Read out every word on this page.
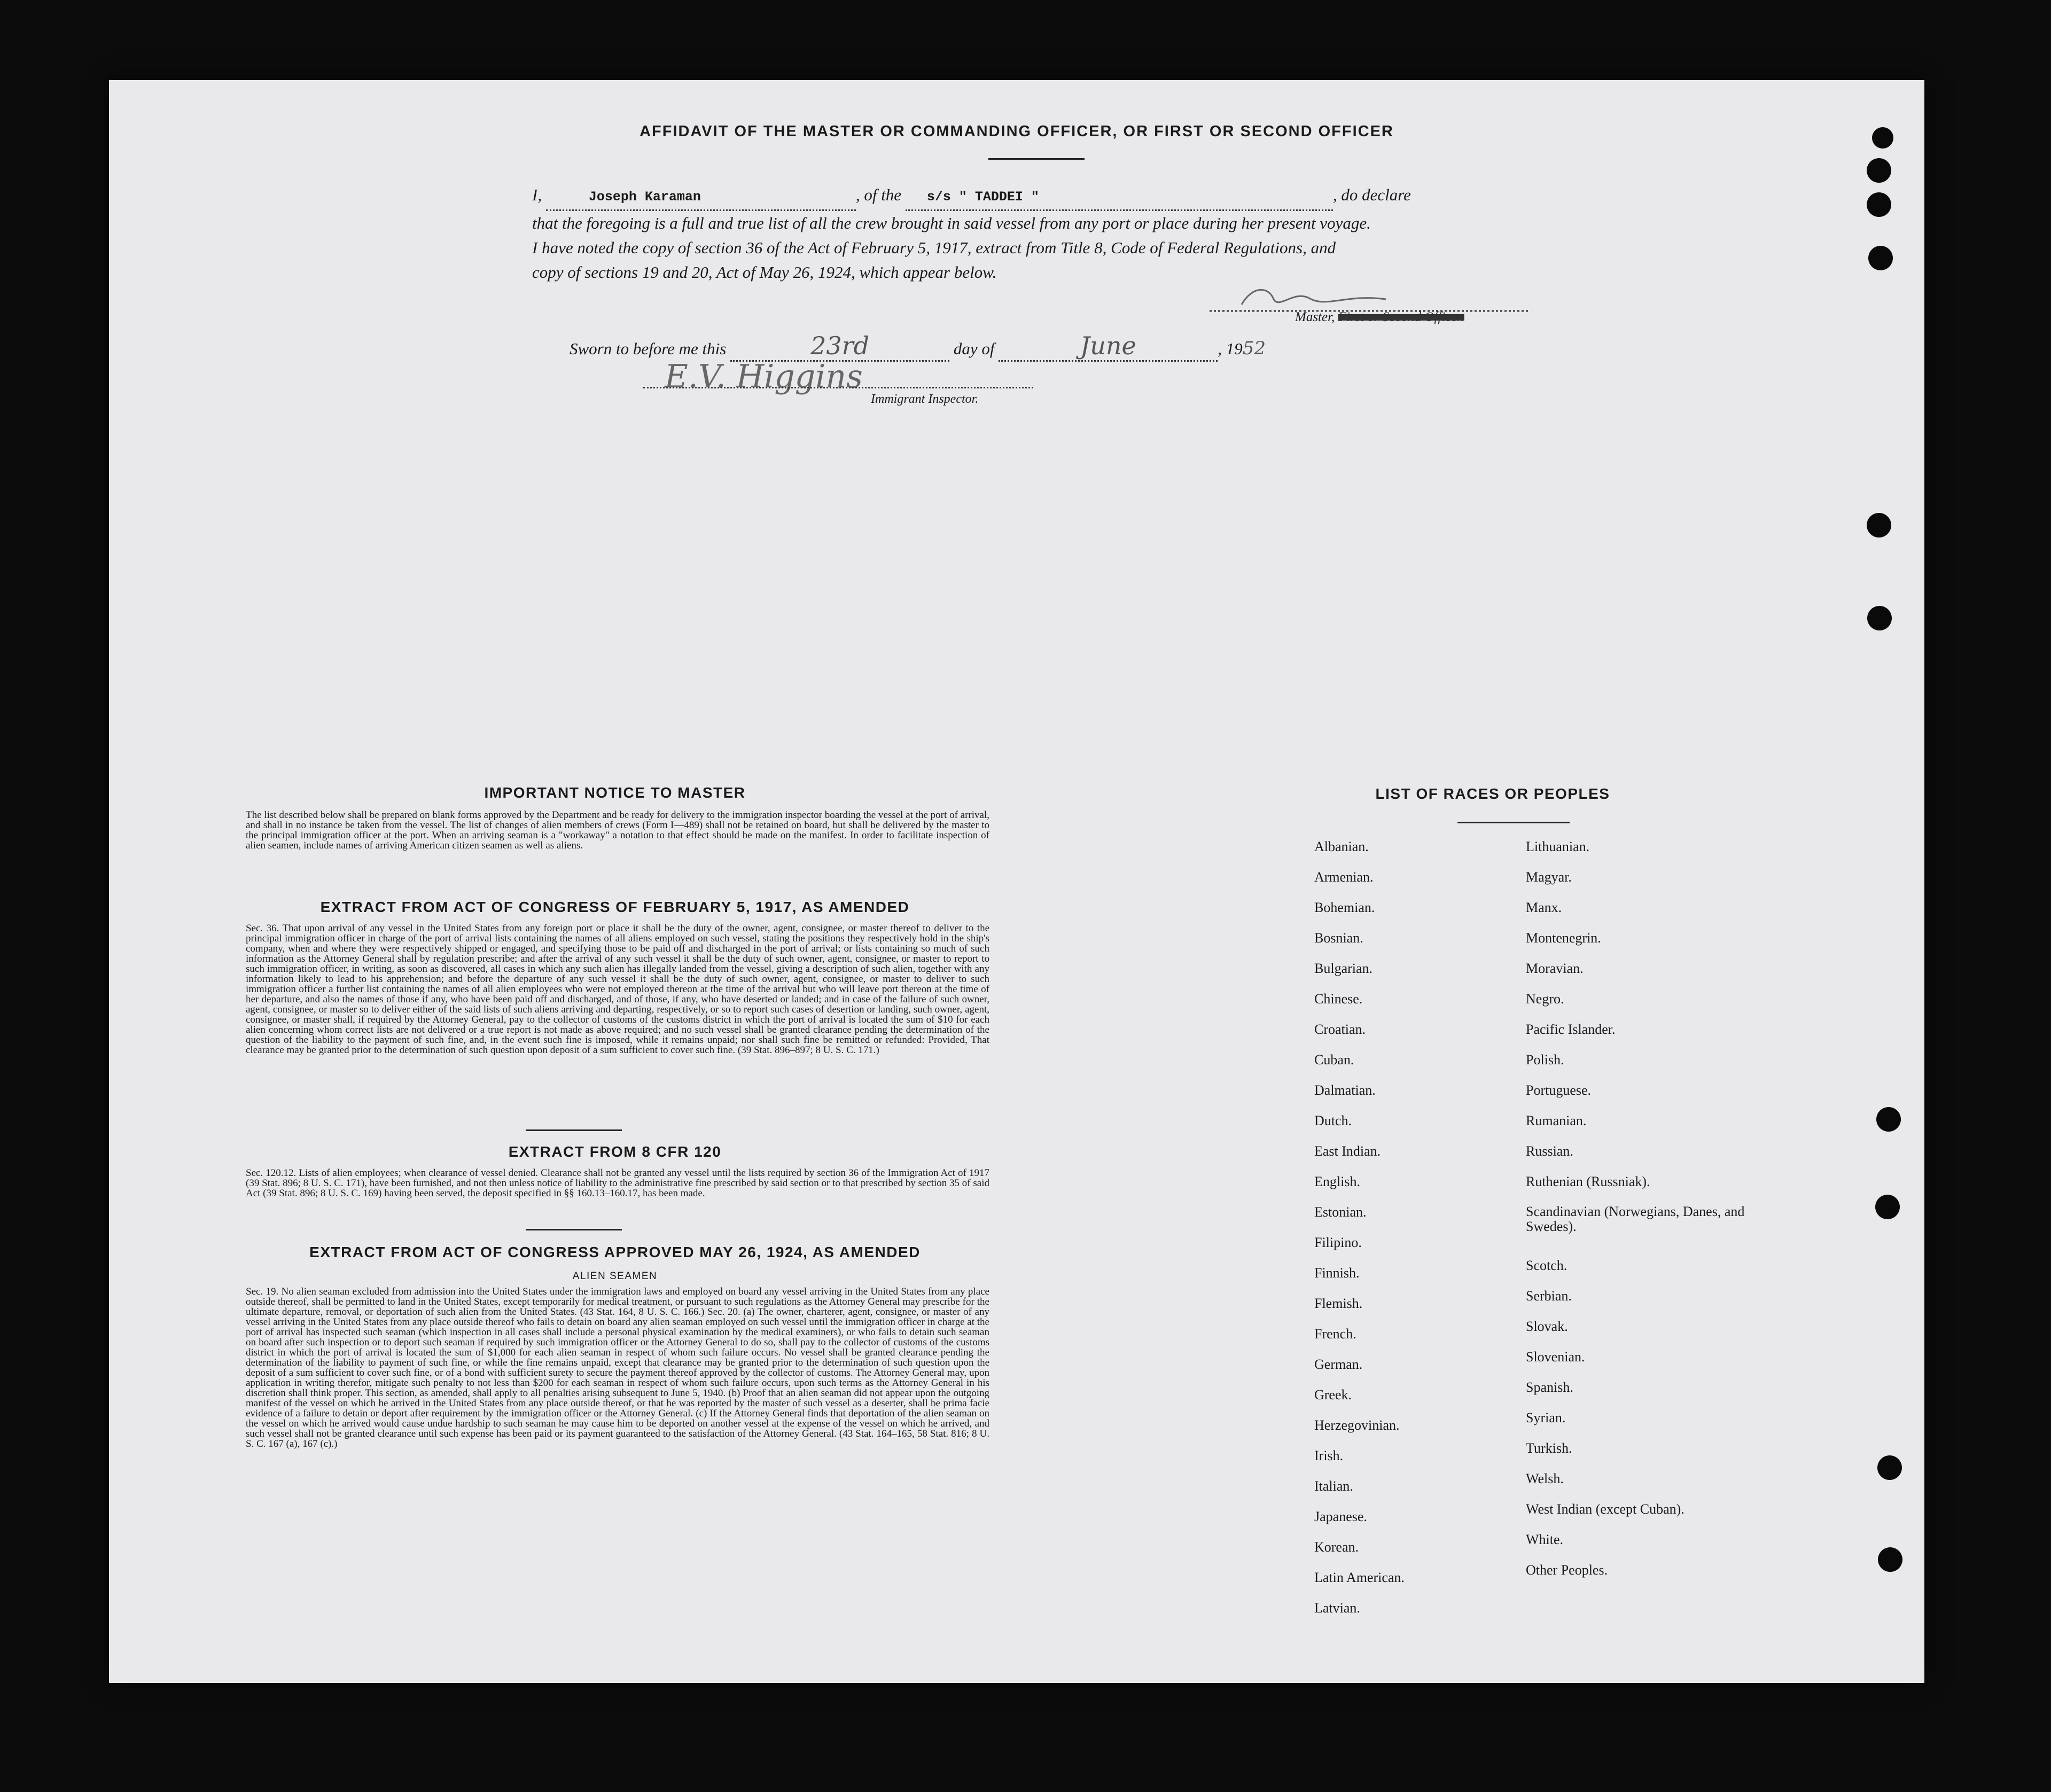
AFFIDAVIT OF THE MASTER OR COMMANDING OFFICER, OR FIRST OR SECOND OFFICER
I,	Joseph Karaman	, of the s/s " TADDEI "	, do declare
that the foregoing is a full and true list of all the crew brought in said vessel from any port or place during her present voyage.
I have noted the copy of section 36 of the Act of February 5, 1917, extract from Title 8, Code of Federal Regulations, and
copy of sections 19 and 20, Act of May 26, 1924, which appear below.
Master, First or Second Officer.
Sworn to before me this	23rd	day of	June	, 1952
E.V. Higgins
Immigrant Inspector.
IMPORTANT NOTICE TO MASTER
The list described below shall be prepared on blank forms approved by the Department and be ready for delivery to the immigration inspector boarding the vessel at the port of arrival, and shall in no instance be taken from the vessel. The list of changes of alien members of crews (Form I—489) shall not be retained on board, but shall be delivered by the master to the principal immigration officer at the port. When an arriving seaman is a "workaway" a notation to that effect should be made on the manifest. In order to facilitate inspection of alien seamen, include names of arriving American citizen seamen as well as aliens.
EXTRACT FROM ACT OF CONGRESS OF FEBRUARY 5, 1917, AS AMENDED
Sec. 36. That upon arrival of any vessel in the United States from any foreign port or place it shall be the duty of the owner, agent, consignee, or master thereof to deliver to the principal immigration officer in charge of the port of arrival lists containing the names of all aliens employed on such vessel, stating the positions they respectively hold in the ship's company, when and where they were respectively shipped or engaged, and specifying those to be paid off and discharged in the port of arrival; or lists containing so much of such information as the Attorney General shall by regulation prescribe; and after the arrival of any such vessel it shall be the duty of such owner, agent, consignee, or master to report to such immigration officer, in writing, as soon as discovered, all cases in which any such alien has illegally landed from the vessel, giving a description of such alien, together with any information likely to lead to his apprehension; and before the departure of any such vessel it shall be the duty of such owner, agent, consignee, or master to deliver to such immigration officer a further list containing the names of all alien employees who were not employed thereon at the time of the arrival but who will leave port thereon at the time of her departure, and also the names of those if any, who have been paid off and discharged, and of those, if any, who have deserted or landed; and in case of the failure of such owner, agent, consignee, or master so to deliver either of the said lists of such aliens arriving and departing, respectively, or so to report such cases of desertion or landing, such owner, agent, consignee, or master shall, if required by the Attorney General, pay to the collector of customs of the customs district in which the port of arrival is located the sum of $10 for each alien concerning whom correct lists are not delivered or a true report is not made as above required; and no such vessel shall be granted clearance pending the determination of the question of the liability to the payment of such fine, and, in the event such fine is imposed, while it remains unpaid; nor shall such fine be remitted or refunded: Provided, That clearance may be granted prior to the determination of such question upon deposit of a sum sufficient to cover such fine. (39 Stat. 896–897; 8 U. S. C. 171.)
EXTRACT FROM 8 CFR 120
Sec. 120.12. Lists of alien employees; when clearance of vessel denied. Clearance shall not be granted any vessel until the lists required by section 36 of the Immigration Act of 1917 (39 Stat. 896; 8 U. S. C. 171), have been furnished, and not then unless notice of liability to the administrative fine prescribed by said section or to that prescribed by section 35 of said Act (39 Stat. 896; 8 U. S. C. 169) having been served, the deposit specified in §§ 160.13–160.17, has been made.
EXTRACT FROM ACT OF CONGRESS APPROVED MAY 26, 1924, AS AMENDED
ALIEN SEAMEN
Sec. 19. No alien seaman excluded from admission into the United States under the immigration laws and employed on board any vessel arriving in the United States from any place outside thereof, shall be permitted to land in the United States, except temporarily for medical treatment, or pursuant to such regulations as the Attorney General may prescribe for the ultimate departure, removal, or deportation of such alien from the United States. (43 Stat. 164, 8 U. S. C. 166.) Sec. 20. (a) The owner, charterer, agent, consignee, or master of any vessel arriving in the United States from any place outside thereof who fails to detain on board any alien seaman employed on such vessel until the immigration officer in charge at the port of arrival has inspected such seaman (which inspection in all cases shall include a personal physical examination by the medical examiners), or who fails to detain such seaman on board after such inspection or to deport such seaman if required by such immigration officer or the Attorney General to do so, shall pay to the collector of customs of the customs district in which the port of arrival is located the sum of $1,000 for each alien seaman in respect of whom such failure occurs. No vessel shall be granted clearance pending the determination of the liability to payment of such fine, or while the fine remains unpaid, except that clearance may be granted prior to the determination of such question upon the deposit of a sum sufficient to cover such fine, or of a bond with sufficient surety to secure the payment thereof approved by the collector of customs. The Attorney General may, upon application in writing therefor, mitigate such penalty to not less than $200 for each seaman in respect of whom such failure occurs, upon such terms as the Attorney General in his discretion shall think proper. This section, as amended, shall apply to all penalties arising subsequent to June 5, 1940. (b) Proof that an alien seaman did not appear upon the outgoing manifest of the vessel on which he arrived in the United States from any place outside thereof, or that he was reported by the master of such vessel as a deserter, shall be prima facie evidence of a failure to detain or deport after requirement by the immigration officer or the Attorney General. (c) If the Attorney General finds that deportation of the alien seaman on the vessel on which he arrived would cause undue hardship to such seaman he may cause him to be deported on another vessel at the expense of the vessel on which he arrived, and such vessel shall not be granted clearance until such expense has been paid or its payment guaranteed to the satisfaction of the Attorney General. (43 Stat. 164–165, 58 Stat. 816; 8 U. S. C. 167 (a), 167 (c).)
LIST OF RACES OR PEOPLES
Albanian.
Armenian.
Bohemian.
Bosnian.
Bulgarian.
Chinese.
Croatian.
Cuban.
Dalmatian.
Dutch.
East Indian.
English.
Estonian.
Filipino.
Finnish.
Flemish.
French.
German.
Greek.
Herzegovinian.
Irish.
Italian.
Japanese.
Korean.
Latin American.
Latvian.
Lithuanian.
Magyar.
Manx.
Montenegrin.
Moravian.
Negro.
Pacific Islander.
Polish.
Portuguese.
Rumanian.
Russian.
Ruthenian (Russniak).
Scandinavian (Norwegians, Danes, and Swedes).
Scotch.
Serbian.
Slovak.
Slovenian.
Spanish.
Syrian.
Turkish.
Welsh.
West Indian (except Cuban).
White.
Other Peoples.
